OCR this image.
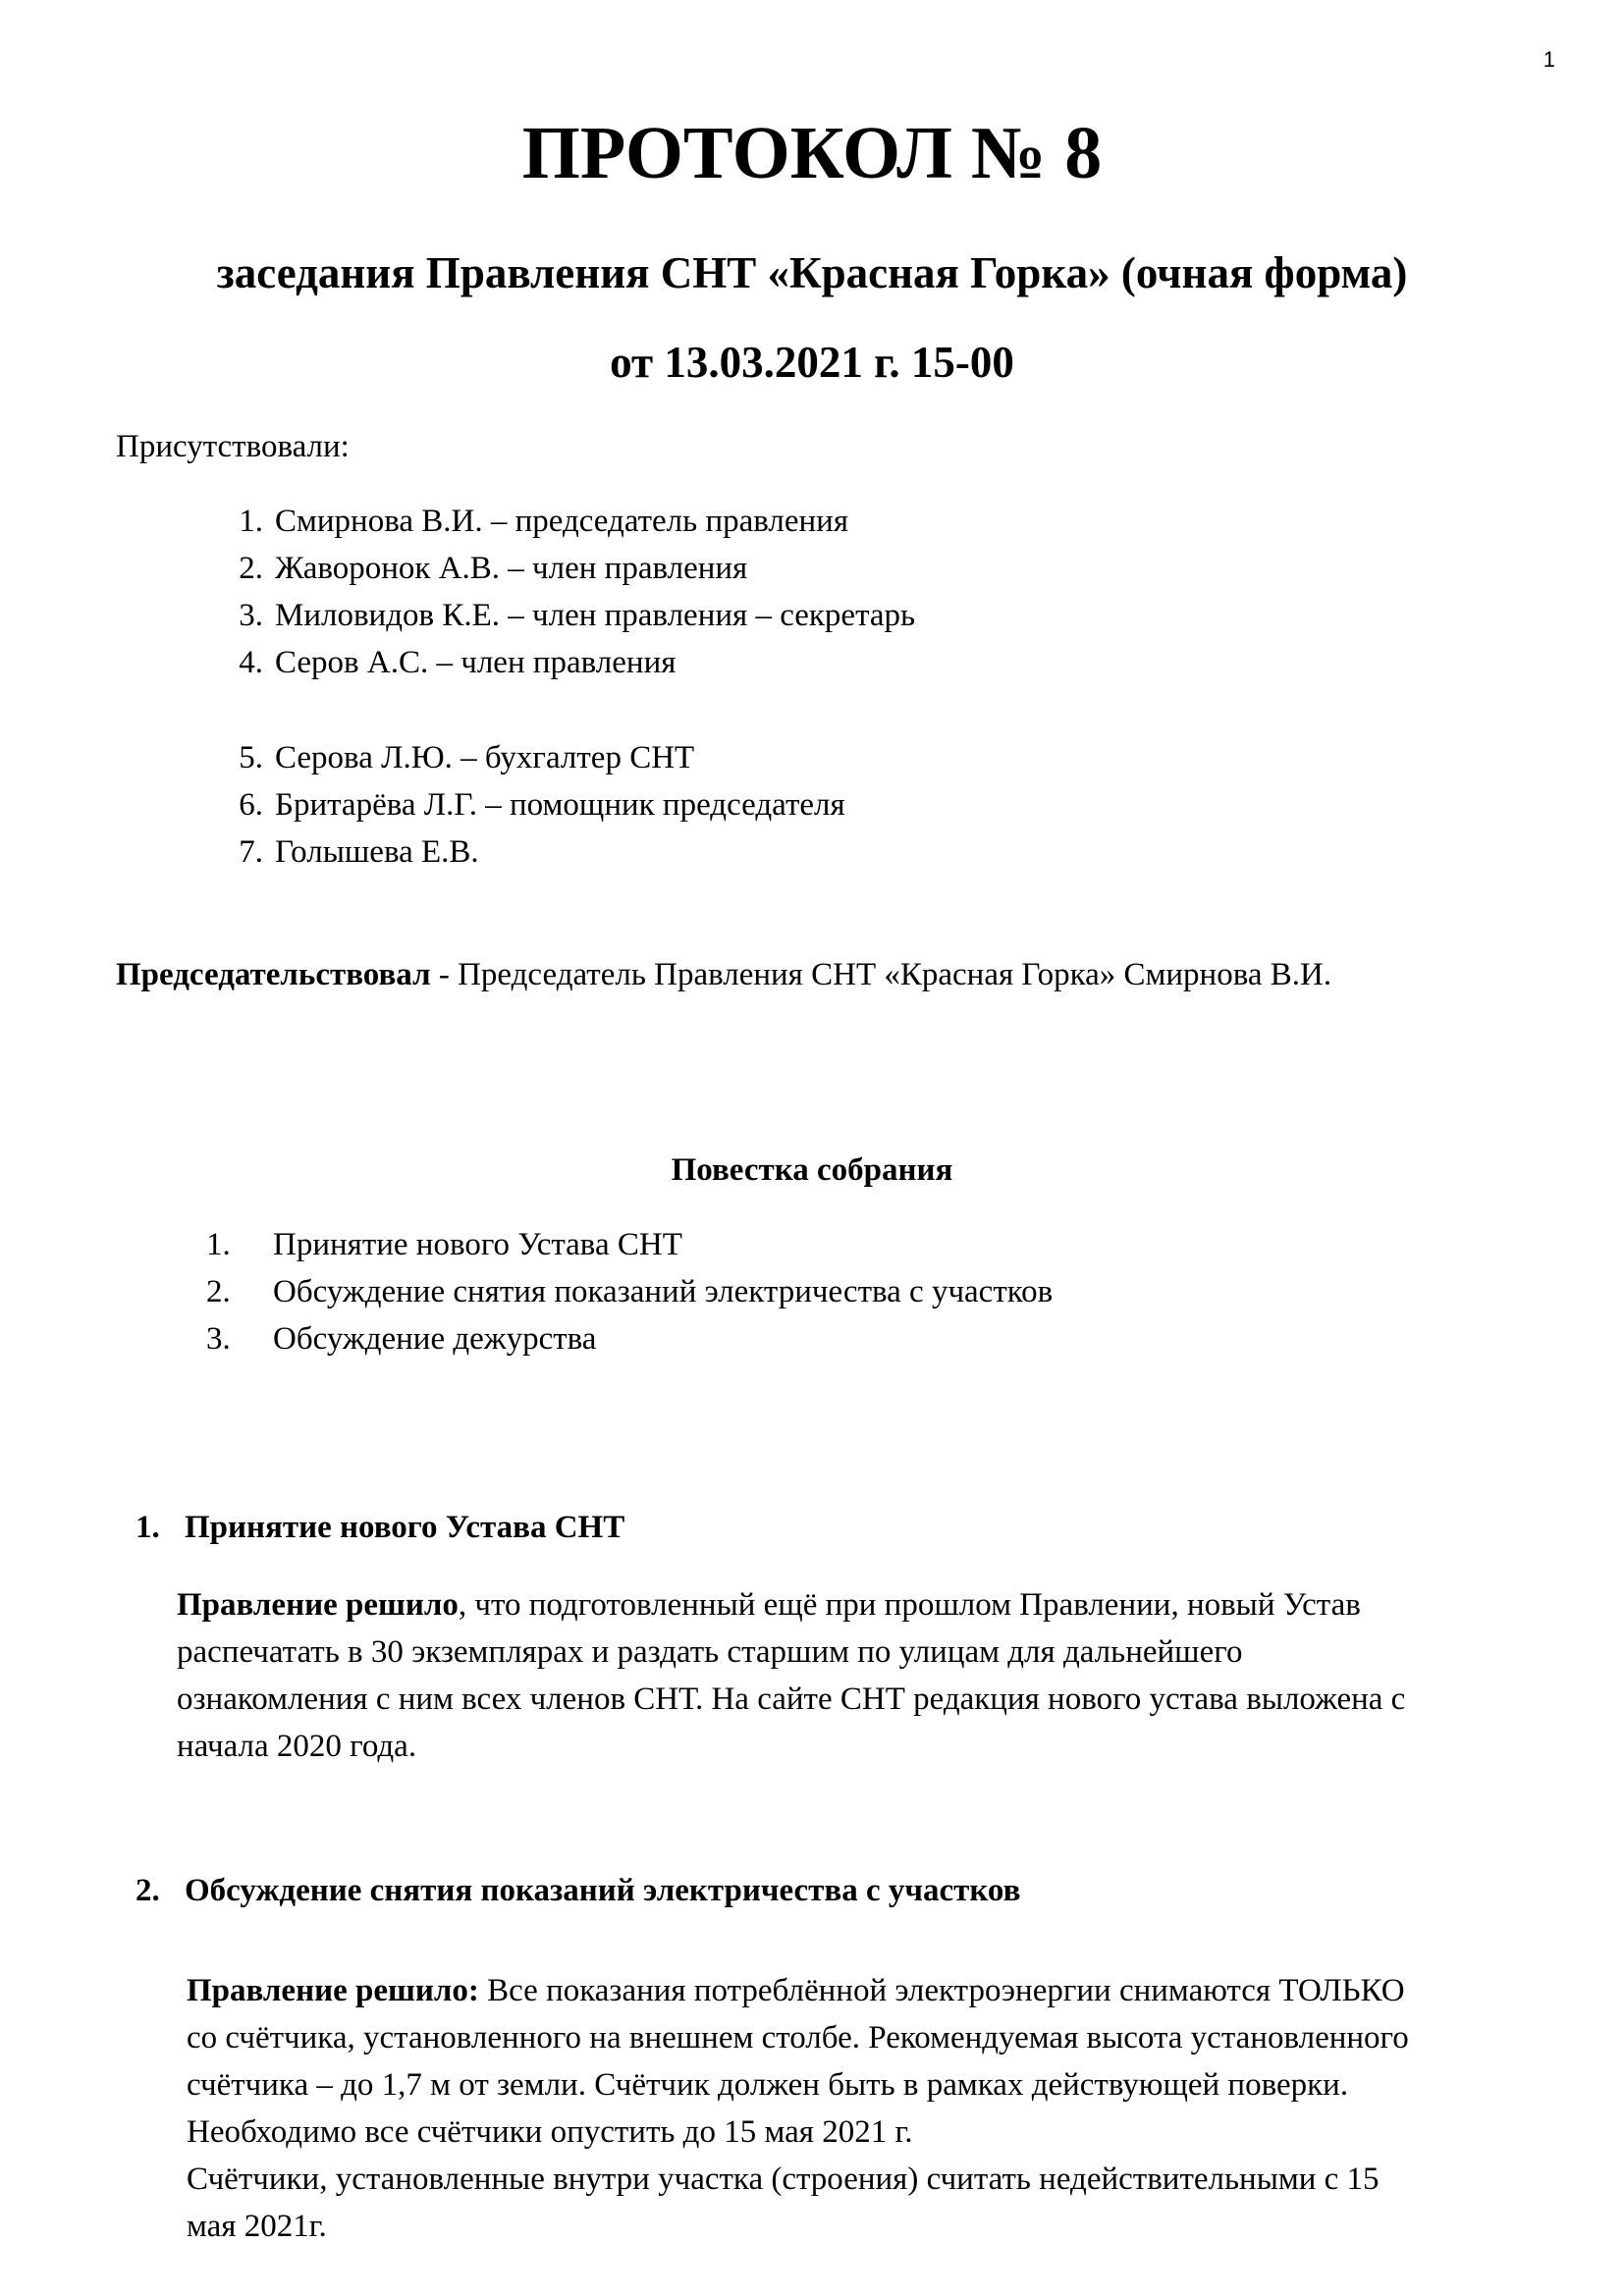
1
ПРОТОКОЛ № 8
заседания Правления СНТ «Красная Горка» (очная форма)
от 13.03.2021 г. 15-00
Присутствовали:
1. Смирнова В.И. – председатель правления
2. Жаворонок А.В. – член правления
3. Миловидов К.Е. – член правления – секретарь
4. Серов А.С. – член правления
5. Серова Л.Ю. – бухгалтер СНТ
6. Бритарёва Л.Г. – помощник председателя
7. Голышева Е.В.
Председательствовал - Председатель Правления СНТ «Красная Горка» Смирнова В.И.
Повестка собрания
1. Принятие нового Устава СНТ
2. Обсуждение снятия показаний электричества с участков
3. Обсуждение дежурства
1. Принятие нового Устава СНТ

Правление решило, что подготовленный ещё при прошлом Правлении, новый Устав
распечатать в 30 экземплярах и раздать старшим по улицам для дальнейшего
ознакомления с ним всех членов СНТ. На сайте СНТ редакция нового устава выложена с
начала 2020 года.

2. Обсуждение снятия показаний электричества с участков

Правление решило: Все показания потреблённой электроэнергии снимаются ТОЛЬКО
со счётчика, установленного на внешнем столбе. Рекомендуемая высота установленного
счётчика – до 1,7 м от земли. Счётчик должен быть в рамках действующей поверки.
Необходимо все счётчики опустить до 15 мая 2021 г.
Счётчики, установленные внутри участка (строения) считать недействительными с 15
мая 2021г.
